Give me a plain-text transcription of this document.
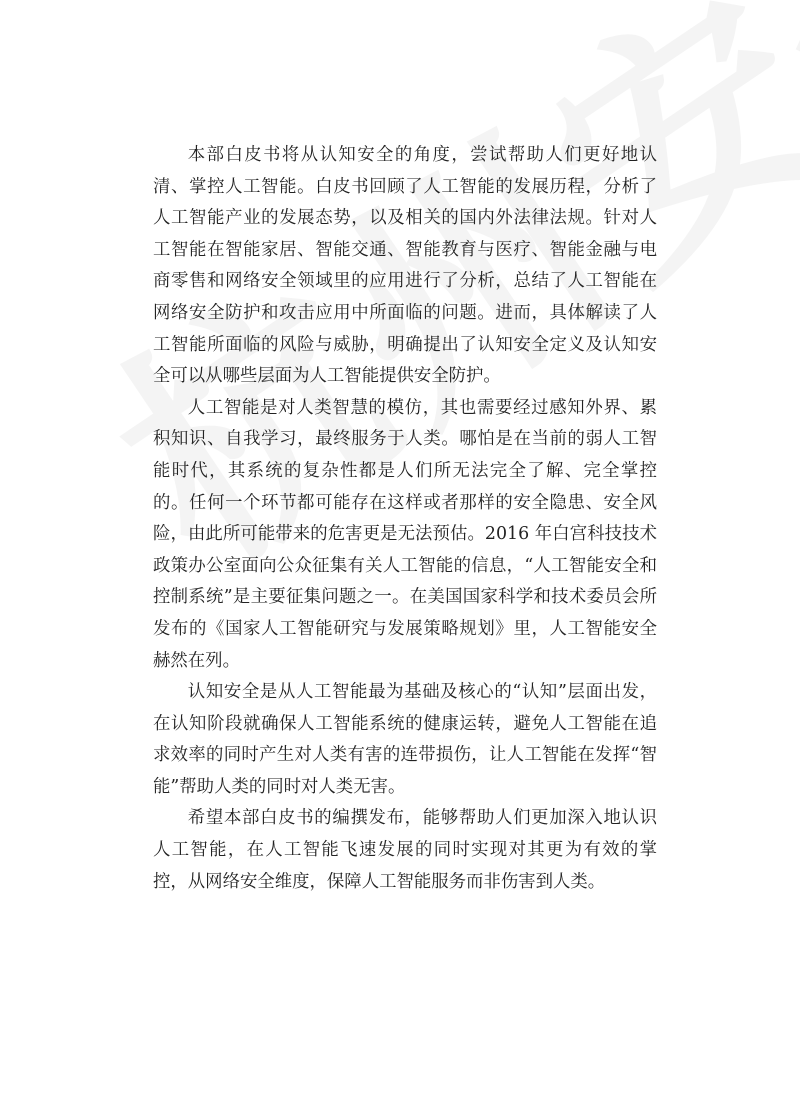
本部白皮书将从认知安全的角度，尝试帮助人们更好地认清、掌控人工智能。白皮书回顾了人工智能的发展历程，分析了人工智能产业的发展态势，以及相关的国内外法律法规。针对人工智能在智能家居、智能交通、智能教育与医疗、智能金融与电商零售和网络安全领域里的应用进行了分析，总结了人工智能在网络安全防护和攻击应用中所面临的问题。进而，具体解读了人工智能所面临的风险与威胁，明确提出了认知安全定义及认知安全可以从哪些层面为人工智能提供安全防护。

人工智能是对人类智慧的模仿，其也需要经过感知外界、累积知识、自我学习，最终服务于人类。哪怕是在当前的弱人工智能时代，其系统的复杂性都是人们所无法完全了解、完全掌控的。任何一个环节都可能存在这样或者那样的安全隐患、安全风险，由此所可能带来的危害更是无法预估。2016 年白宫科技技术政策办公室面向公众征集有关人工智能的信息，“人工智能安全和控制系统”是主要征集问题之一。在美国国家科学和技术委员会所发布的《国家人工智能研究与发展策略规划》里，人工智能安全赫然在列。

认知安全是从人工智能最为基础及核心的“认知”层面出发，在认知阶段就确保人工智能系统的健康运转，避免人工智能在追求效率的同时产生对人类有害的连带损伤，让人工智能在发挥“智能”帮助人类的同时对人类无害。

希望本部白皮书的编撰发布，能够帮助人们更加深入地认识人工智能，在人工智能飞速发展的同时实现对其更为有效的掌控，从网络安全维度，保障人工智能服务而非伤害到人类。
